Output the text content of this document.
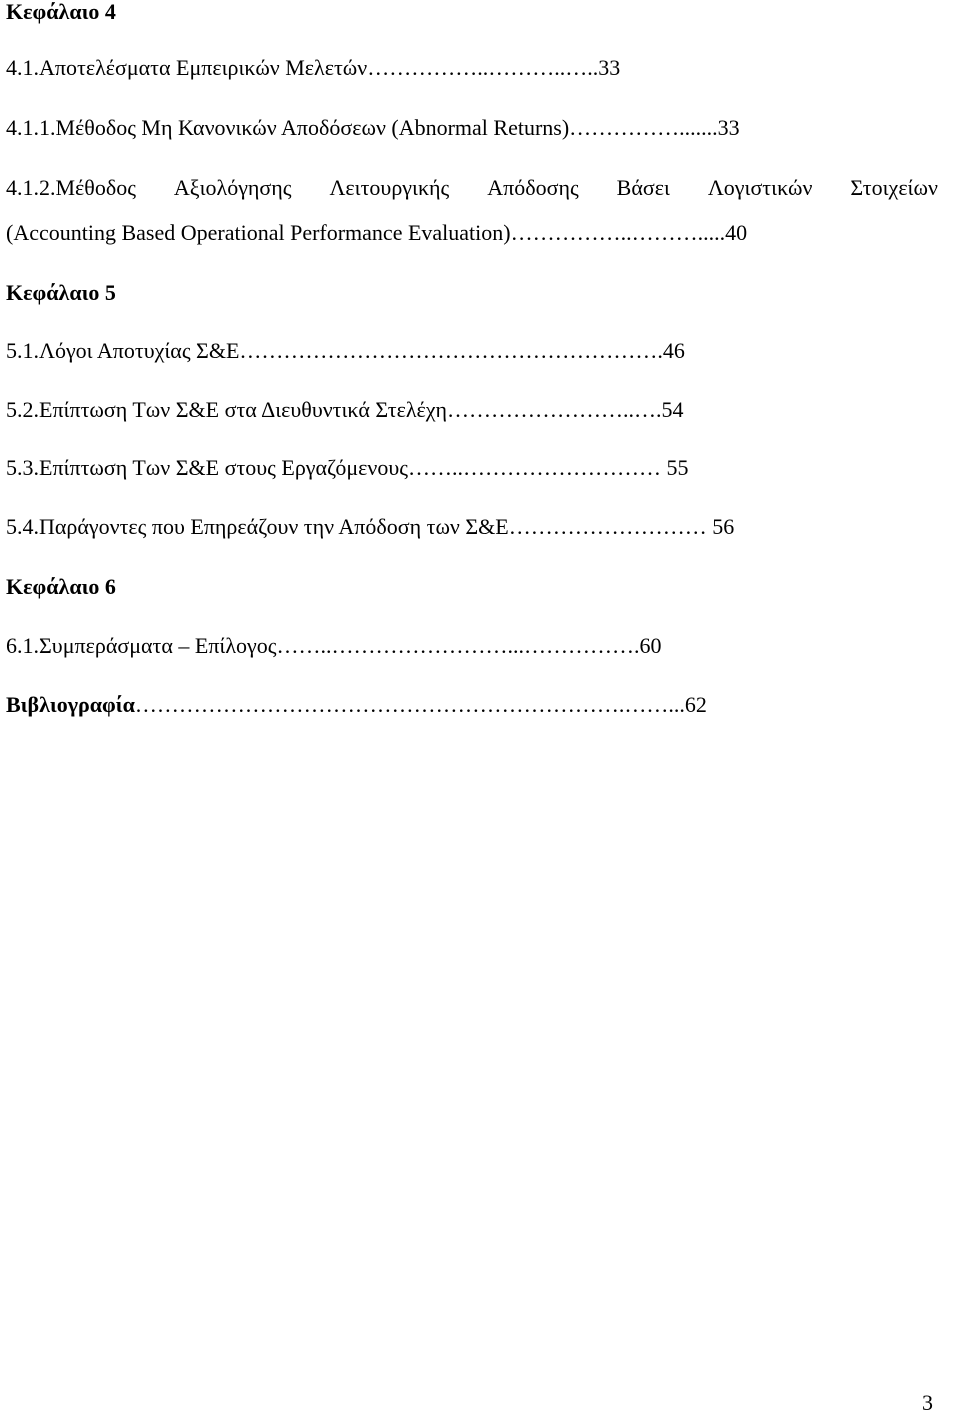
Κεφάλαιο 4
4.1.Αποτελέσματα Εμπειρικών Μελετών……………..………..…..33
4.1.1.Μέθοδος Μη Κανονικών Αποδόσεων (Abnormal Returns)…………….......33
4.1.2.Μέθοδος Αξιολόγησης Λειτουργικής Απόδοσης Βάσει Λογιστικών Στοιχείων
(Accounting Based Operational Performance Evaluation)……………..……….....40
Κεφάλαιο 5
5.1.Λόγοι Αποτυχίας Σ&Ε………………………………………………….46
5.2.Επίπτωση Των Σ&Ε στα Διευθυντικά Στελέχη……………………..….54
5.3.Επίπτωση Των Σ&Ε στους Εργαζόμενους……..……………………… 55
5.4.Παράγοντες που Επηρεάζουν την Απόδοση των Σ&Ε……………………… 56
Κεφάλαιο 6
6.1.Συμπεράσματα – Επίλογος……..……………………...…………….60
Βιβλιογραφία………………………………………………………….……...62
3
